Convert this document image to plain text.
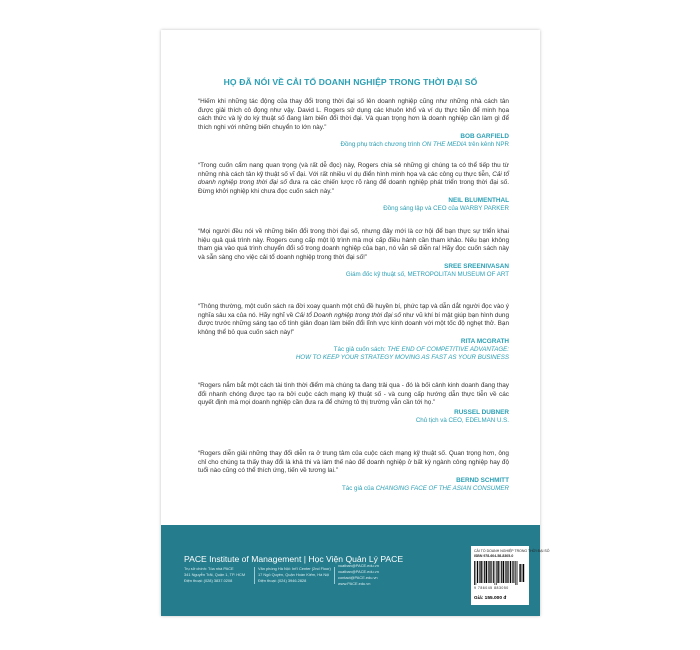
HỌ ĐÃ NÓI VỀ CẢI TỔ DOANH NGHIỆP TRONG THỜI ĐẠI SỐ
“Hiếm khi những tác động của thay đổi trong thời đại số lên doanh nghiệp cũng như những nhà cách tân được giải thích cô đọng như vậy. David L. Rogers sử dụng các khuôn khổ và ví dụ thực tiễn để minh họa cách thức và lý do kỳ thuật số đang làm biến đổi thời đại. Và quan trọng hơn là doanh nghiệp cần làm gì để thích nghi với những biến chuyển to lớn này.”
BOB GARFIELD
Đồng phụ trách chương trình ON THE MEDIA trên kênh NPR
“Trong cuốn cẩm nang quan trọng (và rất dễ đọc) này, Rogers chia sẻ những gì chúng ta có thể tiếp thu từ những nhà cách tân kỹ thuật số vĩ đại. Với rất nhiều ví dụ điển hình minh họa và các công cụ thực tiễn, Cải tổ doanh nghiệp trong thời đại số đưa ra các chiến lược rõ ràng để doanh nghiệp phát triển trong thời đại số. Đừng khởi nghiệp khi chưa đọc cuốn sách này.”
NEIL BLUMENTHAL
Đồng sáng lập và CEO của WARBY PARKER
“Mọi người đều nói về những biến đổi trong thời đại số, nhưng đây mới là cơ hội để bạn thực sự triển khai hiệu quả quá trình này. Rogers cung cấp một lộ trình mà mọi cấp điều hành cần tham khảo. Nếu bạn không tham gia vào quá trình chuyển đổi số trong doanh nghiệp của bạn, nó vẫn sẽ diễn ra! Hãy đọc cuốn sách này và sẵn sàng cho việc cải tổ doanh nghiệp trong thời đại số!”
SREE SREENIVASAN
Giám đốc kỹ thuật số, METROPOLITAN MUSEUM OF ART
“Thông thường, một cuốn sách ra đời xoay quanh một chủ đề huyền bí, phức tạp và dẫn dắt người đọc vào ý nghĩa sâu xa của nó. Hãy nghĩ về Cải tổ Doanh nghiệp trong thời đại số như vũ khí bí mật giúp bạn hình dung được trước những sáng tạo cổ tính giản đoạn làm biến đổi lĩnh vực kinh doanh với một tốc độ nghẹt thở. Bạn không thể bỏ qua cuốn sách này!”
RITA MCGRATH
Tác giả cuốn sách: THE END OF COMPETITIVE ADVANTAGE:
HOW TO KEEP YOUR STRATEGY MOVING AS FAST AS YOUR BUSINESS
“Rogers nắm bắt một cách tài tình thời điểm mà chúng ta đang trải qua - đó là bối cảnh kinh doanh đang thay đổi nhanh chóng được tạo ra bởi cuộc cách mạng kỹ thuật số - và cung cấp hướng dẫn thực tiễn về các quyết định mà mọi doanh nghiệp cần đưa ra để chứng tỏ thị trường vẫn cần tới họ.”
RUSSEL DUBNER
Chủ tịch và CEO, EDELMAN U.S.
“Rogers diễn giải những thay đổi diễn ra ở trung tâm của cuộc cách mạng kỹ thuật số. Quan trọng hơn, ông chỉ cho chúng ta thấy thay đổi là khả thi và làm thế nào để doanh nghiệp ở bất kỳ ngành công nghiệp hay độ tuổi nào cũng có thể thích ứng, tiến về tương lai.”
BERND SCHMITT
Tác giả của CHANGING FACE OF THE ASIAN CONSUMER
PACE Institute of Management | Học Viện Quản Lý PACE
Trụ sở chính: Tòa nhà PACE
341 Nguyễn Trãi, Quận 1, TP. HCM
Điện thoại: (028) 3837.0208
Văn phòng Hà Nội: Int'l Center (2nd Floor)
17 Ngô Quyền, Quận Hoàn Kiếm, Hà Nội
Điện thoại: (024) 3946.2828
xuatban@PACE.edu.vn
xuatban@PACE.edu.vn
contact@PACE.edu.vn
www.PACE.edu.vn
CẢI TỔ DOANH NGHIỆP TRONG THỜI ĐẠI SỐ
ISBN 978-604-58-8305-0
9 786045 883050
Giá: 155.000 đ
